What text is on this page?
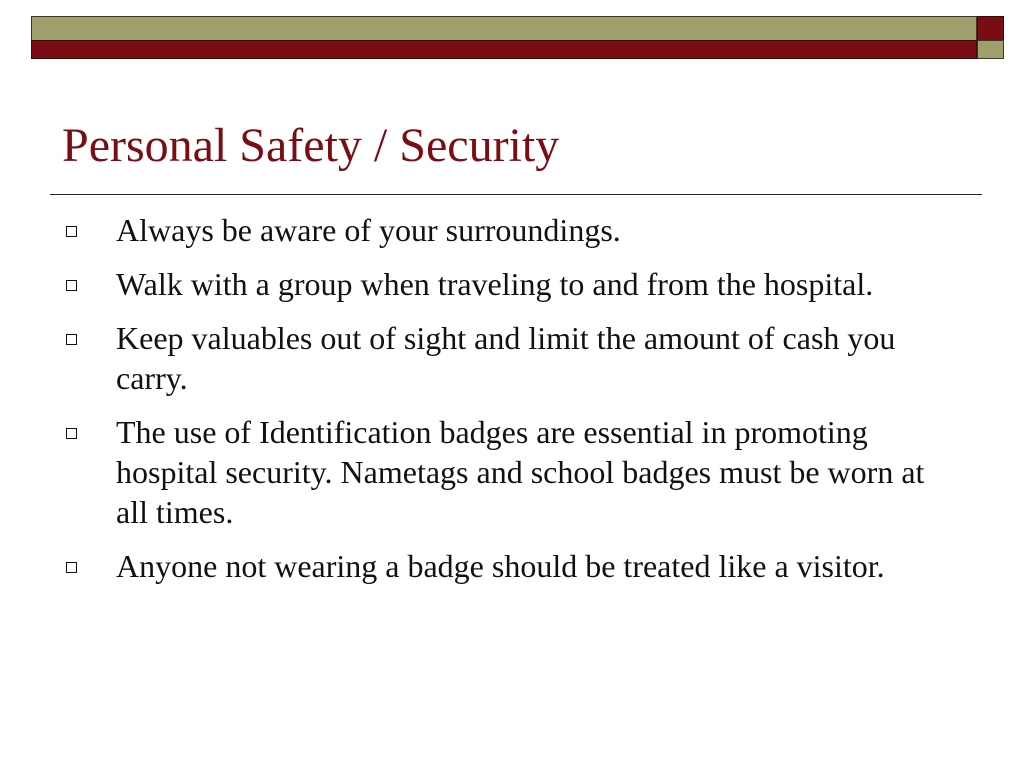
Personal Safety / Security
Always be aware of your surroundings.
Walk with a group when traveling to and from the hospital.
Keep valuables out of sight and limit the amount of cash you carry.
The use of Identification badges are essential in promoting hospital security. Nametags and school badges must be worn at all times.
Anyone not wearing a badge should be treated like a visitor.
